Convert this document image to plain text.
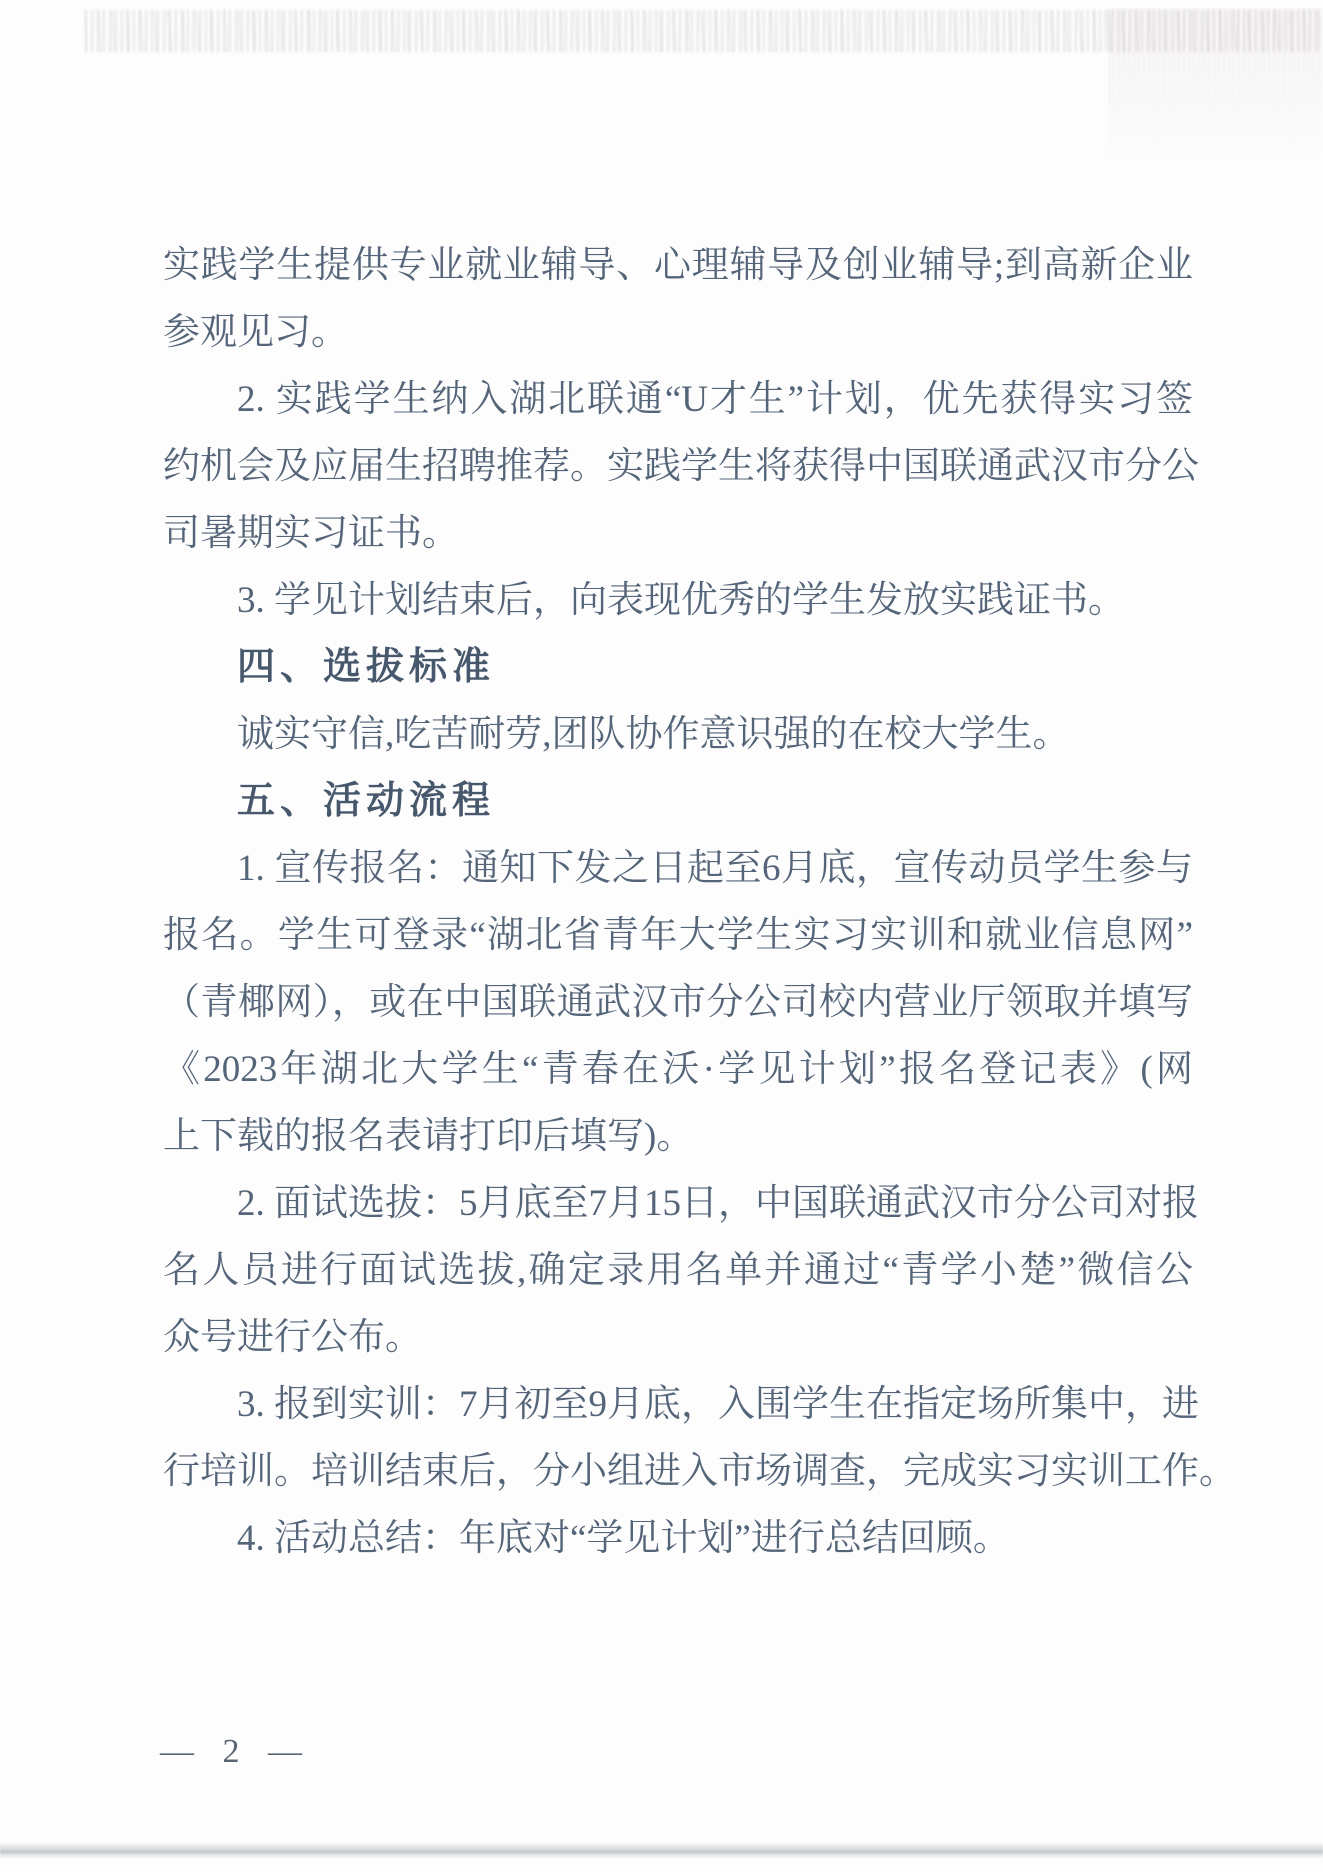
实践学生提供专业就业辅导、心理辅导及创业辅导;到高新企业
参观见习。
2. 实践学生纳入湖北联通“U才生”计划，优先获得实习签
约机会及应届生招聘推荐。实践学生将获得中国联通武汉市分公
司暑期实习证书。
3. 学见计划结束后，向表现优秀的学生发放实践证书。
四、选拔标准
诚实守信,吃苦耐劳,团队协作意识强的在校大学生。
五、活动流程
1. 宣传报名：通知下发之日起至6月底，宣传动员学生参与
报名。学生可登录“湖北省青年大学生实习实训和就业信息网”
（青椰网），或在中国联通武汉市分公司校内营业厅领取并填写
《2023年湖北大学生“青春在沃·学见计划”报名登记表》(网
上下载的报名表请打印后填写)。
2. 面试选拔：5月底至7月15日，中国联通武汉市分公司对报
名人员进行面试选拔,确定录用名单并通过“青学小楚”微信公
众号进行公布。
3. 报到实训：7月初至9月底，入围学生在指定场所集中，进
行培训。培训结束后，分小组进入市场调查，完成实习实训工作。
4. 活动总结：年底对“学见计划”进行总结回顾。
— 2 —
